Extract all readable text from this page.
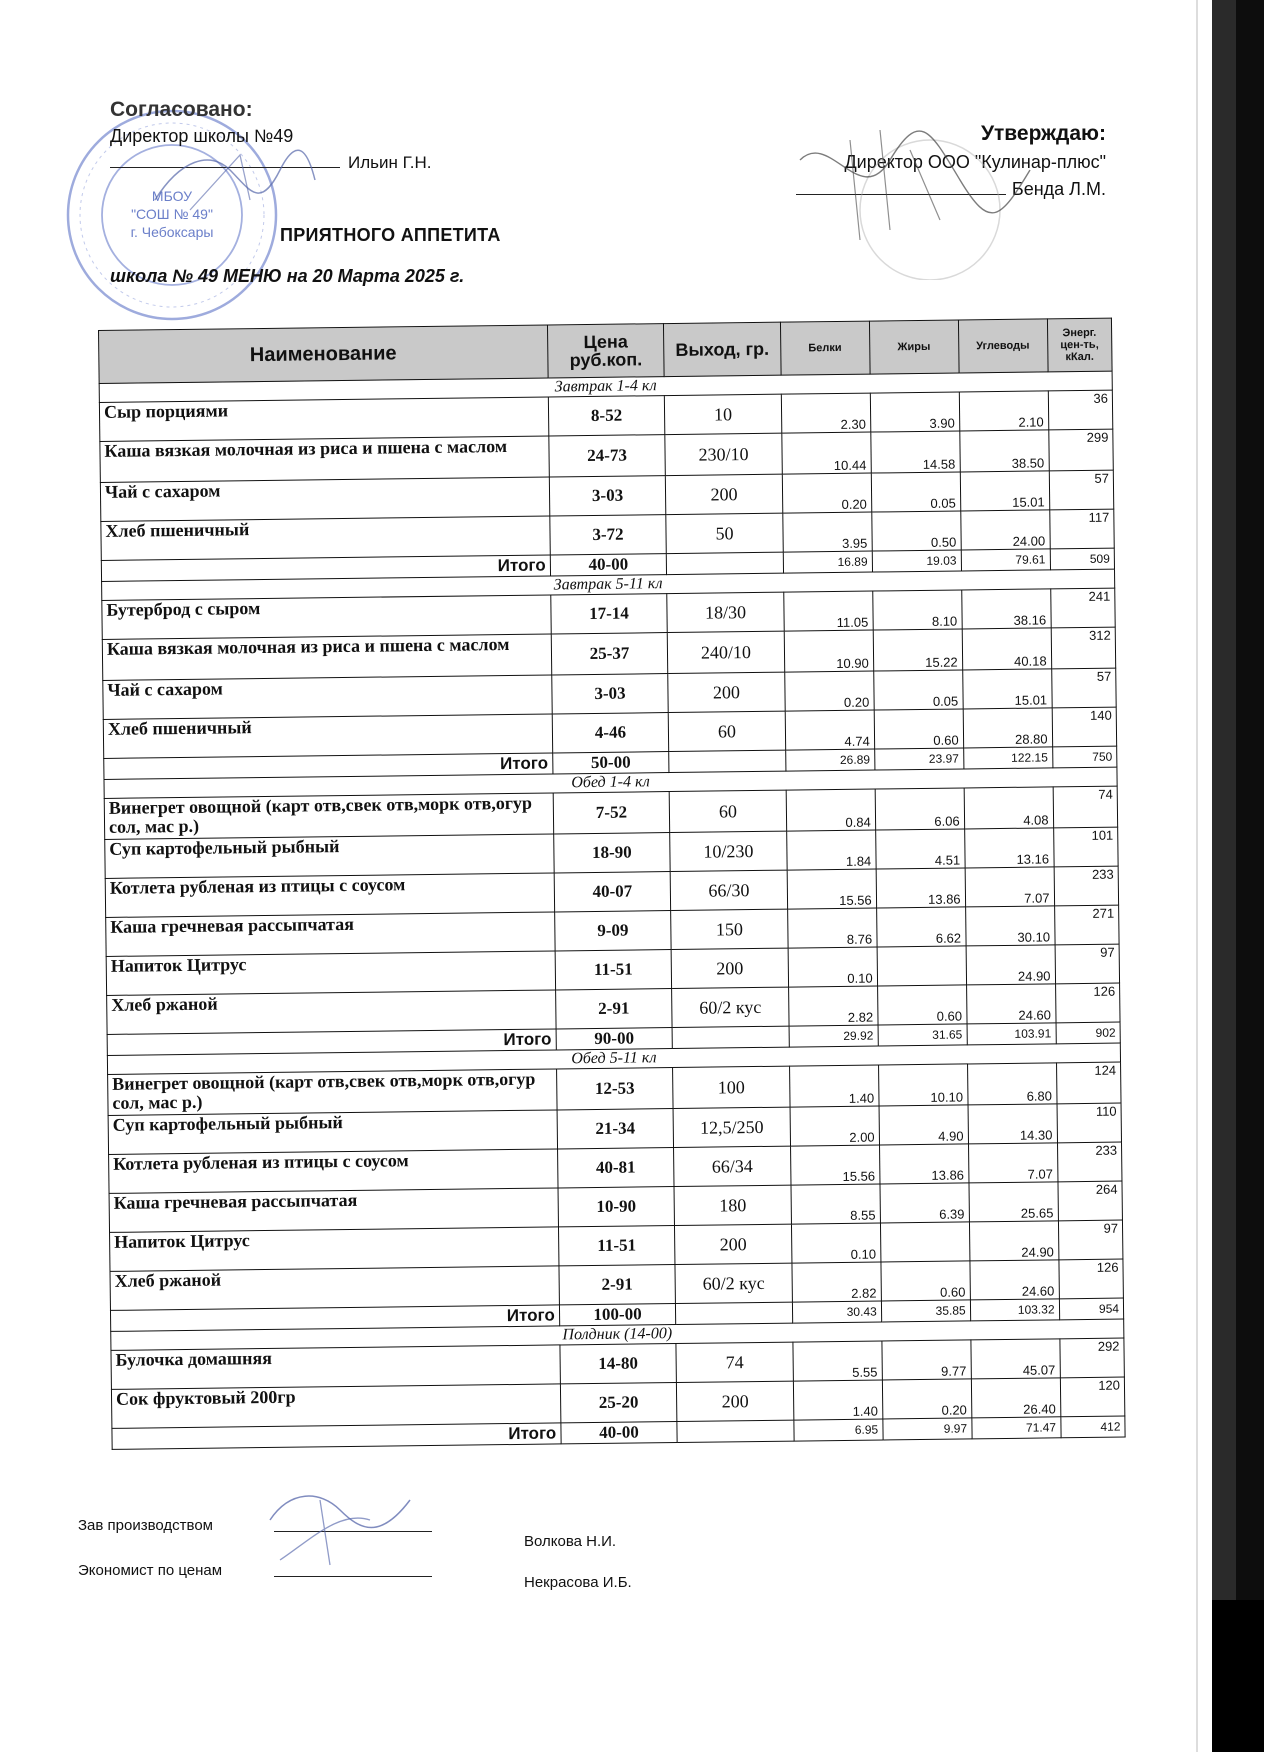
МБОУ
"СОШ № 49"
г. Чебоксары
Согласовано:
Директор школы №49
Ильин Г.Н.
Утверждаю:
Директор ООО "Кулинар-плюс"
Бенда Л.М.
ПРИЯТНОГО АППЕТИТА
школа № 49 МЕНЮ на 20 Марта 2025 г.
Наименование	Цена руб.коп.	Выход, гр.	Белки	Жиры	Углеводы	Энерг. цен-ть, кКал.
Завтрак 1-4 кл						
Сыр порциями	8-52	10	2.30	3.90	2.10	36
Каша вязкая молочная из риса и пшена с маслом	24-73	230/10	10.44	14.58	38.50	299
Чай с сахаром	3-03	200	0.20	0.05	15.01	57
Хлеб пшеничный	3-72	50	3.95	0.50	24.00	117
Итого	40-00		16.89	19.03	79.61	509
Завтрак 5-11 кл						
Бутерброд с сыром	17-14	18/30	11.05	8.10	38.16	241
Каша вязкая молочная из риса и пшена с маслом	25-37	240/10	10.90	15.22	40.18	312
Чай с сахаром	3-03	200	0.20	0.05	15.01	57
Хлеб пшеничный	4-46	60	4.74	0.60	28.80	140
Итого	50-00		26.89	23.97	122.15	750
Обед 1-4 кл						
Винегрет овощной (карт отв,свек отв,морк отв,огур сол, мас р.)	7-52	60	0.84	6.06	4.08	74
Суп картофельный рыбный	18-90	10/230	1.84	4.51	13.16	101
Котлета рубленая из птицы с соусом	40-07	66/30	15.56	13.86	7.07	233
Каша гречневая рассыпчатая	9-09	150	8.76	6.62	30.10	271
Напиток Цитрус	11-51	200	0.10		24.90	97
Хлеб ржаной	2-91	60/2 кус	2.82	0.60	24.60	126
Итого	90-00		29.92	31.65	103.91	902
Обед 5-11 кл						
Винегрет овощной (карт отв,свек отв,морк отв,огур сол, мас р.)	12-53	100	1.40	10.10	6.80	124
Суп картофельный рыбный	21-34	12,5/250	2.00	4.90	14.30	110
Котлета рубленая из птицы с соусом	40-81	66/34	15.56	13.86	7.07	233
Каша гречневая рассыпчатая	10-90	180	8.55	6.39	25.65	264
Напиток Цитрус	11-51	200	0.10		24.90	97
Хлеб ржаной	2-91	60/2 кус	2.82	0.60	24.60	126
Итого	100-00		30.43	35.85	103.32	954
Полдник (14-00)						
Булочка домашняя	14-80	74	5.55	9.77	45.07	292
Сок фруктовый 200гр	25-20	200	1.40	0.20	26.40	120
Итого	40-00		6.95	9.97	71.47	412
Зав производством
Волкова Н.И.
Экономист по ценам
Некрасова И.Б.
